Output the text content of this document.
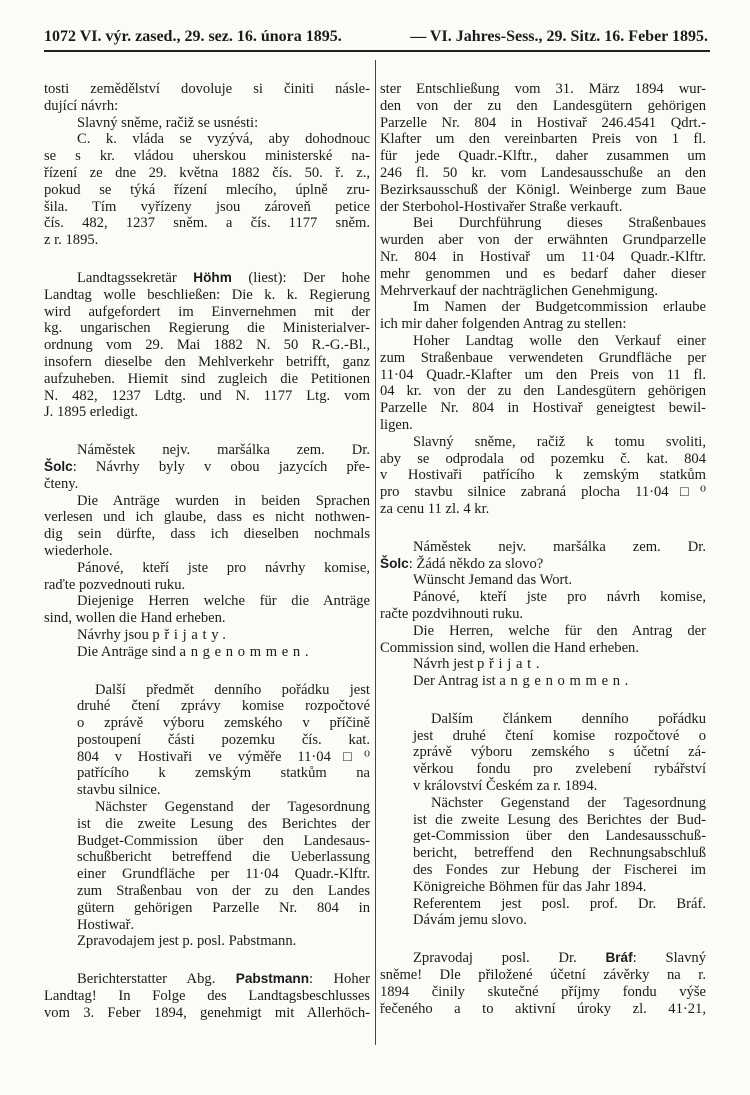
1072 VI. výr. zased., 29. sez. 16. února 1895.	— VI. Jahres-Sess., 29. Sitz. 16. Feber 1895.
tosti zemědělství dovoluje si činiti násle-
dující návrh:
Slavný sněme, račiž se usnésti:
C. k. vláda se vyzývá, aby dohodnouc
se s kr. vládou uherskou ministerské na-
řízení ze dne 29. května 1882 čís. 50. ř. z.,
pokud se týká řízení mlecího, úplně zru-
šila. Tím vyřízeny jsou zároveň petice
čís. 482, 1237 sněm. a čís. 1177 sněm.
z r. 1895.
Landtagssekretär Höhm (liest): Der hohe
Landtag wolle beschließen: Die k. k. Regierung
wird aufgefordert im Einvernehmen mit der
kg. ungarischen Regierung die Ministerialver-
ordnung vom 29. Mai 1882 N. 50 R.-G.-Bl.,
insofern dieselbe den Mehlverkehr betrifft, ganz
aufzuheben. Hiemit sind zugleich die Petitionen
N. 482, 1237 Ldtg. und N. 1177 Ltg. vom
J. 1895 erledigt.
Náměstek nejv. maršálka zem. Dr.
Šolc: Návrhy byly v obou jazycích pře-
čteny.
Die Anträge wurden in beiden Sprachen
verlesen und ich glaube, dass es nicht nothwen-
dig sein dürfte, dass ich dieselben nochmals
wiederhole.
Pánové, kteří jste pro návrhy komise,
raďte pozvednouti ruku.
Diejenige Herren welche für die Anträge
sind, wollen die Hand erheben.
Návrhy jsou přijaty.
Die Anträge sind angenommen.
Další předmět denního pořádku jest
druhé čtení zprávy komise rozpočtové
o zprávě výboru zemského v příčině
postoupení části pozemku čís. kat.
804 v Hostivaři ve výměře 11·04□⁰
patřícího k zemským statkům na
stavbu silnice.
Nächster Gegenstand der Tagesordnung
ist die zweite Lesung des Berichtes der
Budget-Commission über den Landesaus-
schußbericht betreffend die Ueberlassung
einer Grundfläche per 11·04 Quadr.-Klftr.
zum Straßenbau von der zu den Landes
gütern gehörigen Parzelle Nr. 804 in
Hostiwař.
Zpravodajem jest p. posl. Pabstmann.
Berichterstatter Abg. Pabstmann: Hoher
Landtag! In Folge des Landtagsbeschlusses
vom 3. Feber 1894, genehmigt mit Allerhöch-
ster Entschließung vom 31. März 1894 wur-
den von der zu den Landesgütern gehörigen
Parzelle Nr. 804 in Hostivař 246.4541 Qdrt.-
Klafter um den vereinbarten Preis von 1 fl.
für jede Quadr.-Klftr., daher zusammen um
246 fl. 50 kr. vom Landesausschuße an den
Bezirksausschuß der Königl. Weinberge zum Baue
der Sterbohol-Hostivařer Straße verkauft.
Bei Durchführung dieses Straßenbaues
wurden aber von der erwähnten Grundparzelle
Nr. 804 in Hostivař um 11·04 Quadr.-Klftr.
mehr genommen und es bedarf daher dieser
Mehrverkauf der nachträglichen Genehmigung.
Im Namen der Budgetcommission erlaube
ich mir daher folgenden Antrag zu stellen:
Hoher Landtag wolle den Verkauf einer
zum Straßenbaue verwendeten Grundfläche per
11·04 Quadr.-Klafter um den Preis von 11 fl.
04 kr. von der zu den Landesgütern gehörigen
Parzelle Nr. 804 in Hostivař geneigtest bewil-
ligen.
Slavný sněme, račiž k tomu svoliti,
aby se odprodala od pozemku č. kat. 804
v Hostivaři patřícího k zemským statkům
pro stavbu silnice zabraná plocha 11·04□⁰
za cenu 11 zl. 4 kr.
Náměstek nejv. maršálka zem. Dr.
Šolc: Žádá někdo za slovo?
Wünscht Jemand das Wort.
Pánové, kteří jste pro návrh komise,
račte pozdvihnouti ruku.
Die Herren, welche für den Antrag der
Commission sind, wollen die Hand erheben.
Návrh jest přijat.
Der Antrag ist angenommen.
Dalším článkem denního pořádku
jest druhé čtení komise rozpočtové o
zprávě výboru zemského s účetní zá-
věrkou fondu pro zvelebení rybářství
v království Českém za r. 1894.
Nächster Gegenstand der Tagesordnung
ist die zweite Lesung des Berichtes der Bud-
get-Commission über den Landesausschuß-
bericht, betreffend den Rechnungsabschluß
des Fondes zur Hebung der Fischerei im
Königreiche Böhmen für das Jahr 1894.
Referentem jest posl. prof. Dr. Bráf.
Dávám jemu slovo.
Zpravodaj posl. Dr. Bráf: Slavný
sněme! Dle přiložené účetní závěrky na r.
1894 činily skutečné příjmy fondu výše
řečeného a to aktivní úroky zl. 41·21,
